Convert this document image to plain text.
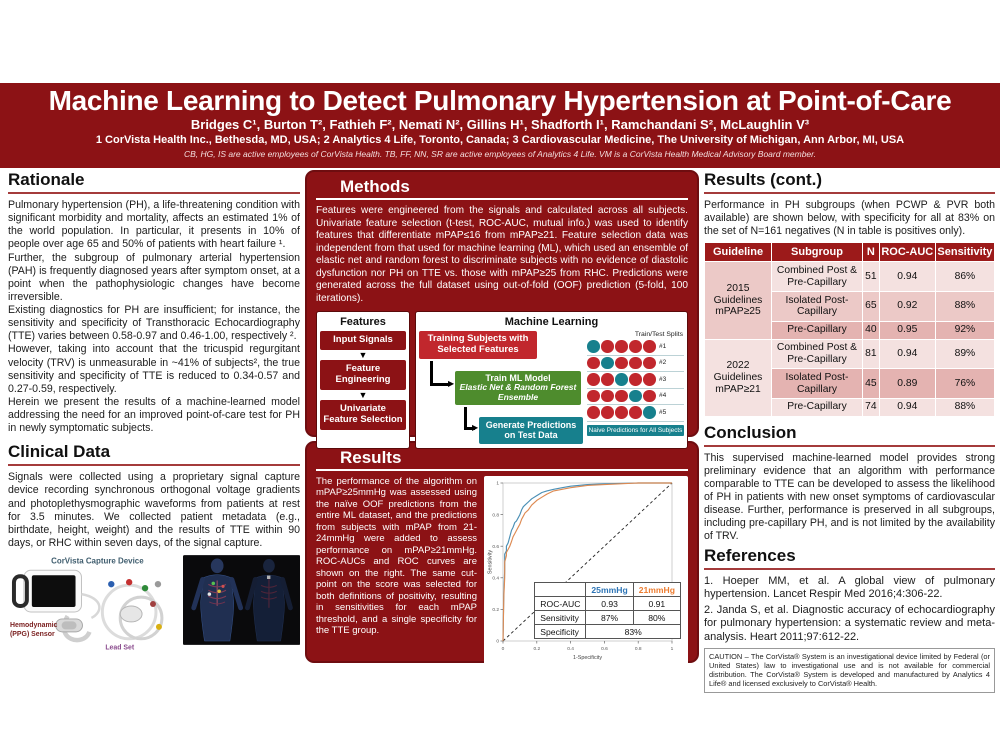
Machine Learning to Detect Pulmonary Hypertension at Point-of-Care
Bridges C¹, Burton T², Fathieh F², Nemati N², Gillins H¹, Shadforth I¹, Ramchandani S², McLaughlin V³
1 CorVista Health Inc., Bethesda, MD, USA; 2 Analytics 4 Life, Toronto, Canada; 3 Cardiovascular Medicine, The University of Michigan, Ann Arbor, MI, USA
CB, HG, IS are active employees of CorVista Health. TB, FF, NN, SR are active employees of Analytics 4 Life. VM is a CorVista Health Medical Advisory Board member.
Rationale

Pulmonary hypertension (PH), a life-threatening condition with significant morbidity and mortality, affects an estimated 1% of the world population. In particular, it presents in 10% of people over age 65 and 50% of patients with heart failure ¹.

Further, the subgroup of pulmonary arterial hypertension (PAH) is frequently diagnosed years after symptom onset, at a point when the pathophysiologic changes have become irreversible.

Existing diagnostics for PH are insufficient; for instance, the sensitivity and specificity of Transthoracic Echocardiography (TTE) varies between 0.58-0.97 and 0.46-1.00, respectively ².

However, taking into account that the tricuspid regurgitant velocity (TRV) is unmeasurable in ~41% of subjects², the true sensitivity and specificity of TTE is reduced to 0.34-0.57 and 0.27-0.59, respectively.

Herein we present the results of a machine-learned model addressing the need for an improved point-of-care test for PH in newly symptomatic subjects.

Clinical Data

Signals were collected using a proprietary signal capture device recording synchronous orthogonal voltage gradients and photoplethysmographic waveforms from patients at rest for 3.5 minutes. We collected patient metadata (e.g., birthdate, height, weight) and the results of TTE within 90 days, or RHC within seven days, of the signal capture.

CorVista Capture Device
Hemodynamic
(PPG) Sensor
Lead Set
Methods

Features were engineered from the signals and calculated across all subjects. Univariate feature selection (t-test, ROC-AUC, mutual info.) was used to identify features that differentiate mPAP≤16 from mPAP≥21. Feature selection data was independent from that used for machine learning (ML), which used an ensemble of elastic net and random forest to discriminate subjects with no evidence of diastolic dysfunction nor PH on TTE vs. those with mPAP≥25 from RHC. Predictions were generated across the full dataset using out-of-fold (OOF) prediction (5-fold, 100 iterations).

Features
Input Signals
▼
Feature Engineering
▼
Univariate Feature Selection
Machine Learning
Training Subjects with Selected Features
Train ML Model
Elastic Net & Random Forest Ensemble
Generate Predictions on Test Data
▶
▶
Train/Test Splits
#1
#2
#3
#4
#5
Naive Predictions for All Subjects
Results

The performance of the algorithm on mPAP≥25mmHg was assessed using the naïve OOF predictions from the entire ML dataset, and the predictions from subjects with mPAP from 21-24mmHg were added to assess performance on mPAP≥21mmHg. ROC-AUCs and ROC curves are shown on the right. The same cut-point on the score was selected for both definitions of positivity, resulting in sensitivities for each mPAP threshold, and a single specificity for the TTE group.

0
0
0.2
0.2
0.4
0.4
0.6
0.6
0.8
0.8
1
1
1-Specificity
Sensitivity
	25mmHg	21mmHg
ROC-AUC	0.93	0.91
Sensitivity	87%	80%
Specificity	83%	
Results (cont.)

Performance in PH subgroups (when PCWP & PVR both available) are shown below, with specificity for all at 83% on the set of N=161 negatives (N in table is positives only).

Guideline	Subgroup	N	ROC-AUC	Sensitivity
2015 Guidelines mPAP≥25	Combined Post & Pre-Capillary	51	0.94	86%
	Isolated Post-Capillary	65	0.92	88%
	Pre-Capillary	40	0.95	92%
2022 Guidelines mPAP≥21	Combined Post & Pre-Capillary	81	0.94	89%
	Isolated Post-Capillary	45	0.89	76%
	Pre-Capillary	74	0.94	88%
Conclusion

This supervised machine-learned model provides strong preliminary evidence that an algorithm with performance comparable to TTE can be developed to assess the likelihood of PH in patients with new onset symptoms of cardiovascular disease. Further, performance is preserved in all subgroups, including pre-capillary PH, and is not limited by the availability of TRV.

References

1. Hoeper MM, et al. A global view of pulmonary hypertension. Lancet Respir Med 2016;4:306-22.

2. Janda S, et al. Diagnostic accuracy of echocardiography for pulmonary hypertension: a systematic review and meta-analysis. Heart 2011;97:612-22.

CAUTION – The CorVista® System is an investigational device limited by Federal (or United States) law to investigational use and is not available for commercial distribution. The CorVista® System is developed and manufactured by Analytics 4 Life® and licensed exclusively to CorVista® Health.
